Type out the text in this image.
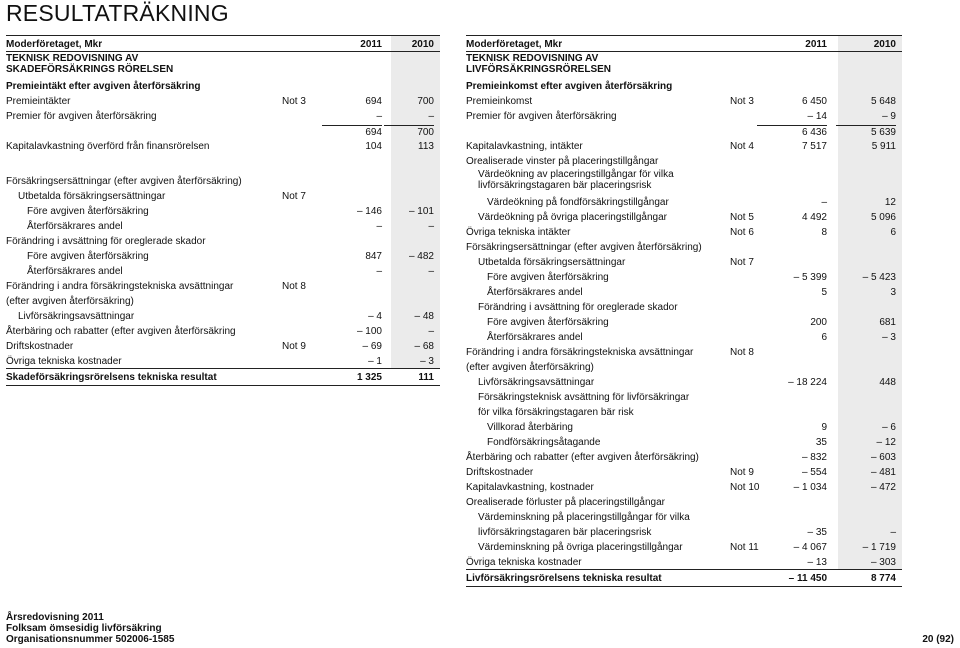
RESULTATRÄKNING
Moderföretaget, Mkr	2011	2010
TEKNISK REDOVISNING AV
SKADEFÖRSÄKRINGS RÖRELSEN
Premieintäkt efter avgiven återförsäkring
Premieintäkter	Not 3	694	700
Premier för avgiven återförsäkring	–	–
694	700
Kapitalavkastning överförd från finansrörelsen	104	113
Försäkringsersättningar (efter avgiven återförsäkring)
Utbetalda försäkringsersättningar	Not 7
Före avgiven återförsäkring	– 146	– 101
Återförsäkrares andel	–	–
Förändring i avsättning för oreglerade skador
Före avgiven återförsäkring	847	– 482
Återförsäkrares andel	–	–
Förändring i andra försäkringstekniska avsättningar	Not 8
(efter avgiven återförsäkring)
Livförsäkringsavsättningar	– 4	– 48
Återbäring och rabatter (efter avgiven återförsäkring	– 100	–
Driftskostnader	Not 9	– 69	– 68
Övriga tekniska kostnader	– 1	– 3
Skadeförsäkringsrörelsens tekniska resultat	1 325	111
Moderföretaget, Mkr	2011	2010
TEKNISK REDOVISNING AV
LIVFÖRSÄKRINGSRÖRELSEN
Premieinkomst efter avgiven återförsäkring
Premieinkomst	Not 3	6 450	5 648
Premier för avgiven återförsäkring	– 14	– 9
6 436	5 639
Kapitalavkastning, intäkter	Not 4	7 517	5 911
Orealiserade vinster på placeringstillgångar
Värdeökning av placeringstillgångar för vilka
livförsäkringstagaren bär placeringsrisk
Värdeökning på fondförsäkringstillgångar	–	12
Värdeökning på övriga placeringstillgångar	Not 5	4 492	5 096
Övriga tekniska intäkter	Not 6	8	6
Försäkringsersättningar (efter avgiven återförsäkring)
Utbetalda försäkringsersättningar	Not 7
Före avgiven återförsäkring	– 5 399	– 5 423
Återförsäkrares andel	5	3
Förändring i avsättning för oreglerade skador
Före avgiven återförsäkring	200	681
Återförsäkrares andel	6	– 3
Förändring i andra försäkringstekniska avsättningar	Not 8
(efter avgiven återförsäkring)
Livförsäkringsavsättningar	– 18 224	448
Försäkringsteknisk avsättning för livförsäkringar
för vilka försäkringstagaren bär risk
Villkorad återbäring	9	– 6
Fondförsäkringsåtagande	35	– 12
Återbäring och rabatter (efter avgiven återförsäkring)	– 832	– 603
Driftskostnader	Not 9	– 554	– 481
Kapitalavkastning, kostnader	Not 10	– 1 034	– 472
Orealiserade förluster på placeringstillgångar
Värdeminskning på placeringstillgångar för vilka
livförsäkringstagaren bär placeringsrisk	– 35	–
Värdeminskning på övriga placeringstillgångar	Not 11	– 4 067	– 1 719
Övriga tekniska kostnader	– 13	– 303
Livförsäkringsrörelsens tekniska resultat	– 11 450	8 774
Årsredovisning 2011
Folksam ömsesidig livförsäkring
Organisationsnummer 502006-1585	20 (92)
